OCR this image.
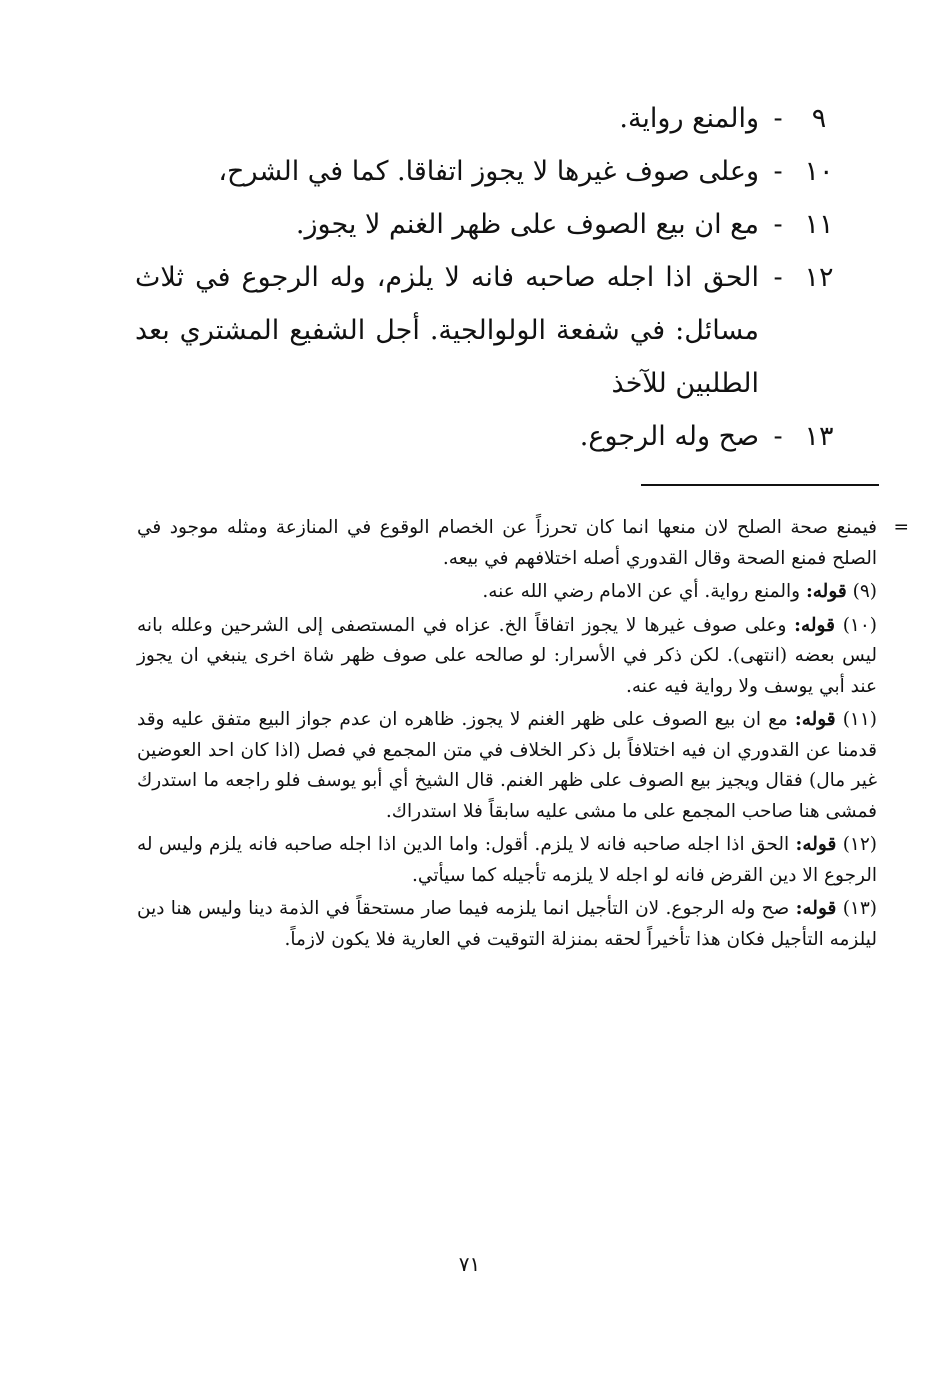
٩
-
والمنع رواية.
١٠
-
وعلى صوف غيرها لا يجوز اتفاقا. كما في الشرح،
١١
-
مع ان بيع الصوف على ظهر الغنم لا يجوز.
١٢
-
الحق اذا اجله صاحبه فانه لا يلزم، وله الرجوع في ثلاث مسائل: في شفعة الولوالجية. أجل الشفيع المشتري بعد الطلبين للآخذ
١٣
-
صح وله الرجوع.
=

فيمنع صحة الصلح لان منعها انما كان تحرزاً عن الخصام الوقوع في المنازعة ومثله موجود في الصلح فمنع الصحة وقال القدوري أصله اختلافهم في بيعه.

(٩) قوله: والمنع رواية. أي عن الامام رضي الله عنه.

(١٠) قوله: وعلى صوف غيرها لا يجوز اتفاقاً الخ. عزاه في المستصفى إلى الشرحين وعلله بانه ليس بعضه (انتهى). لكن ذكر في الأسرار: لو صالحه على صوف ظهر شاة اخرى ينبغي ان يجوز عند أبي يوسف ولا رواية فيه عنه.

(١١) قوله: مع ان بيع الصوف على ظهر الغنم لا يجوز. ظاهره ان عدم جواز البيع متفق عليه وقد قدمنا عن القدوري ان فيه اختلافاً بل ذكر الخلاف في متن المجمع في فصل (اذا كان احد العوضين غير مال) فقال ويجيز بيع الصوف على ظهر الغنم. قال الشيخ أي أبو يوسف فلو راجعه ما استدرك فمشى هنا صاحب المجمع على ما مشى عليه سابقاً فلا استدراك.

(١٢) قوله: الحق اذا اجله صاحبه فانه لا يلزم. أقول: واما الدين اذا اجله صاحبه فانه يلزم وليس له الرجوع الا دين القرض فانه لو اجله لا يلزمه تأجيله كما سيأتي.

(١٣) قوله: صح وله الرجوع. لان التأجيل انما يلزمه فيما صار مستحقاً في الذمة دينا وليس هنا دين ليلزمه التأجيل فكان هذا تأخيراً لحقه بمنزلة التوقيت في العارية فلا يكون لازماً.

٧١
